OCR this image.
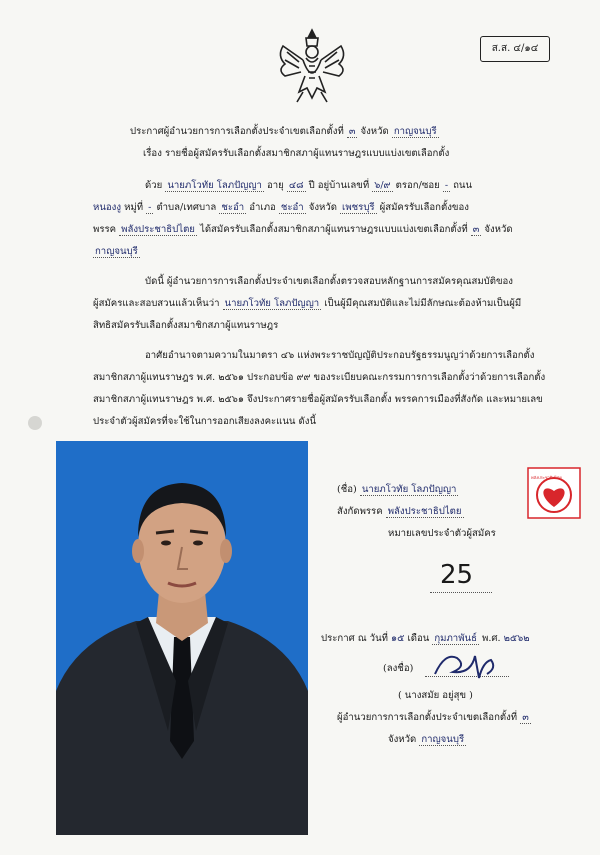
ส.ส. ๔/๑๔
ประกาศผู้อำนวยการการเลือกตั้งประจำเขตเลือกตั้งที่ ๓ จังหวัด กาญจนบุรี
เรื่อง รายชื่อผู้สมัครรับเลือกตั้งสมาชิกสภาผู้แทนราษฎรแบบแบ่งเขตเลือกตั้ง
ด้วย นายภโวทัย โลภปัญญา อายุ ๔๘ ปี อยู่บ้านเลขที่ ๖/๙ ตรอก/ซอย - ถนน
หนองงู หมู่ที่ - ตำบล/เทศบาล ชะอำ อำเภอ ชะอำ จังหวัด เพชรบุรี ผู้สมัครรับเลือกตั้งของ
พรรค พลังประชาธิปไตย ได้สมัครรับเลือกตั้งสมาชิกสภาผู้แทนราษฎรแบบแบ่งเขตเลือกตั้งที่ ๓ จังหวัด
กาญจนบุรี
บัดนี้ ผู้อำนวยการการเลือกตั้งประจำเขตเลือกตั้งตรวจสอบหลักฐานการสมัครคุณสมบัติของ
ผู้สมัครและสอบสวนแล้วเห็นว่า นายภโวทัย โลภปัญญา เป็นผู้มีคุณสมบัติและไม่มีลักษณะต้องห้ามเป็นผู้มี
สิทธิสมัครรับเลือกตั้งสมาชิกสภาผู้แทนราษฎร
อาศัยอำนาจตามความในมาตรา ๔๖ แห่งพระราชบัญญัติประกอบรัฐธรรมนูญว่าด้วยการเลือกตั้ง
สมาชิกสภาผู้แทนราษฎร พ.ศ. ๒๕๖๑ ประกอบข้อ ๙๙ ของระเบียบคณะกรรมการการเลือกตั้งว่าด้วยการเลือกตั้ง
สมาชิกสภาผู้แทนราษฎร พ.ศ. ๒๕๖๑ จึงประกาศรายชื่อผู้สมัครรับเลือกตั้ง พรรคการเมืองที่สังกัด และหมายเลข
ประจำตัวผู้สมัครที่จะใช้ในการออกเสียงลงคะแนน ดังนี้
(ชื่อ) นายภโวทัย โลภปัญญา
สังกัดพรรค พลังประชาธิปไตย
หมายเลขประจำตัวผู้สมัคร
25
พลังประชาธิปไตย
ประกาศ ณ วันที่ ๑๕ เดือน กุมภาพันธ์ พ.ศ. ๒๕๖๒
(ลงชื่อ)
( นางสมัย อยู่สุข )
ผู้อำนวยการการเลือกตั้งประจำเขตเลือกตั้งที่ ๓
จังหวัด กาญจนบุรี
